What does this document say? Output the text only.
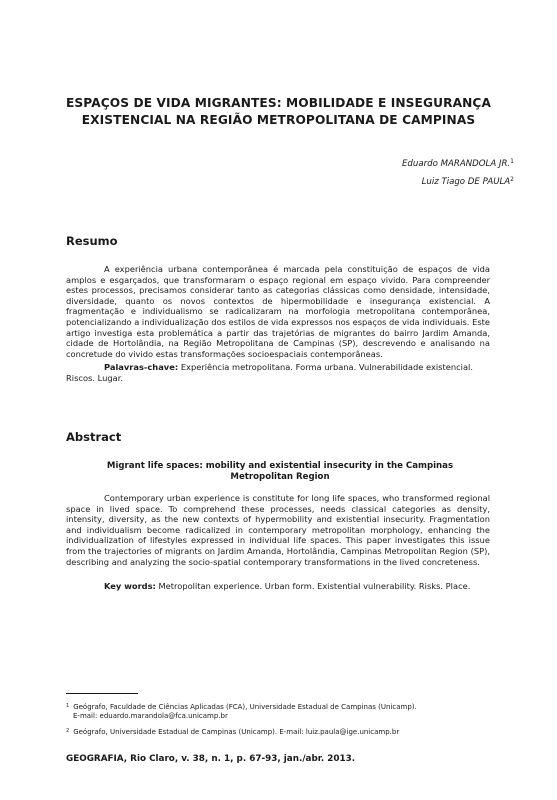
ESPAÇOS DE VIDA MIGRANTES: MOBILIDADE E INSEGURANÇA
EXISTENCIAL NA REGIÃO METROPOLITANA DE CAMPINAS
Eduardo MARANDOLA JR.$^1$
Luiz Tiago DE PAULA$^2$
Resumo

A experiência urbana contemporânea é marcada pela constituição de espaços de vida amplos e esgarçados, que transformaram o espaço regional em espaço vivido. Para compreender estes processos, precisamos considerar tanto as categorias clássicas como densidade, intensidade, diversidade, quanto os novos contextos de hipermobilidade e insegurança existencial. A fragmentação e individualismo se radicalizaram na morfologia metropolitana contemporânea, potencializando a individualização dos estilos de vida expressos nos espaços de vida individuais. Este artigo investiga esta problemática a partir das trajetórias de migrantes do bairro Jardim Amanda, cidade de Hortolândia, na Região Metropolitana de Campinas (SP), descrevendo e analisando na concretude do vivido estas transformações socioespaciais contemporâneas.

Palavras-chave: Experiência metropolitana. Forma urbana. Vulnerabilidade existencial. Riscos. Lugar.

Abstract
Migrant life spaces: mobility and existential insecurity in the Campinas Metropolitan Region

Contemporary urban experience is constitute for long life spaces, who transformed regional space in lived space. To comprehend these processes, needs classical categories as density, intensity, diversity, as the new contexts of hypermobility and existential insecurity. Fragmentation and individualism become radicalized in contemporary metropolitan morphology, enhancing the individualization of lifestyles expressed in individual life spaces. This paper investigates this issue from the trajectories of migrants on Jardim Amanda, Hortolândia, Campinas Metropolitan Region (SP), describing and analyzing the socio-spatial contemporary transformations in the lived concreteness.

Key words: Metropolitan experience. Urban form. Existential vulnerability. Risks. Place.

$^1$ Geógrafo, Faculdade de Ciências Aplicadas (FCA), Universidade Estadual de Campinas (Unicamp).
E-mail: eduardo.marandola@fca.unicamp.br

$^2$ Geógrafo, Universidade Estadual de Campinas (Unicamp). E-mail: luiz.paula@ige.unicamp.br

GEOGRAFIA, Rio Claro, v. 38, n. 1, p. 67-93, jan./abr. 2013.
